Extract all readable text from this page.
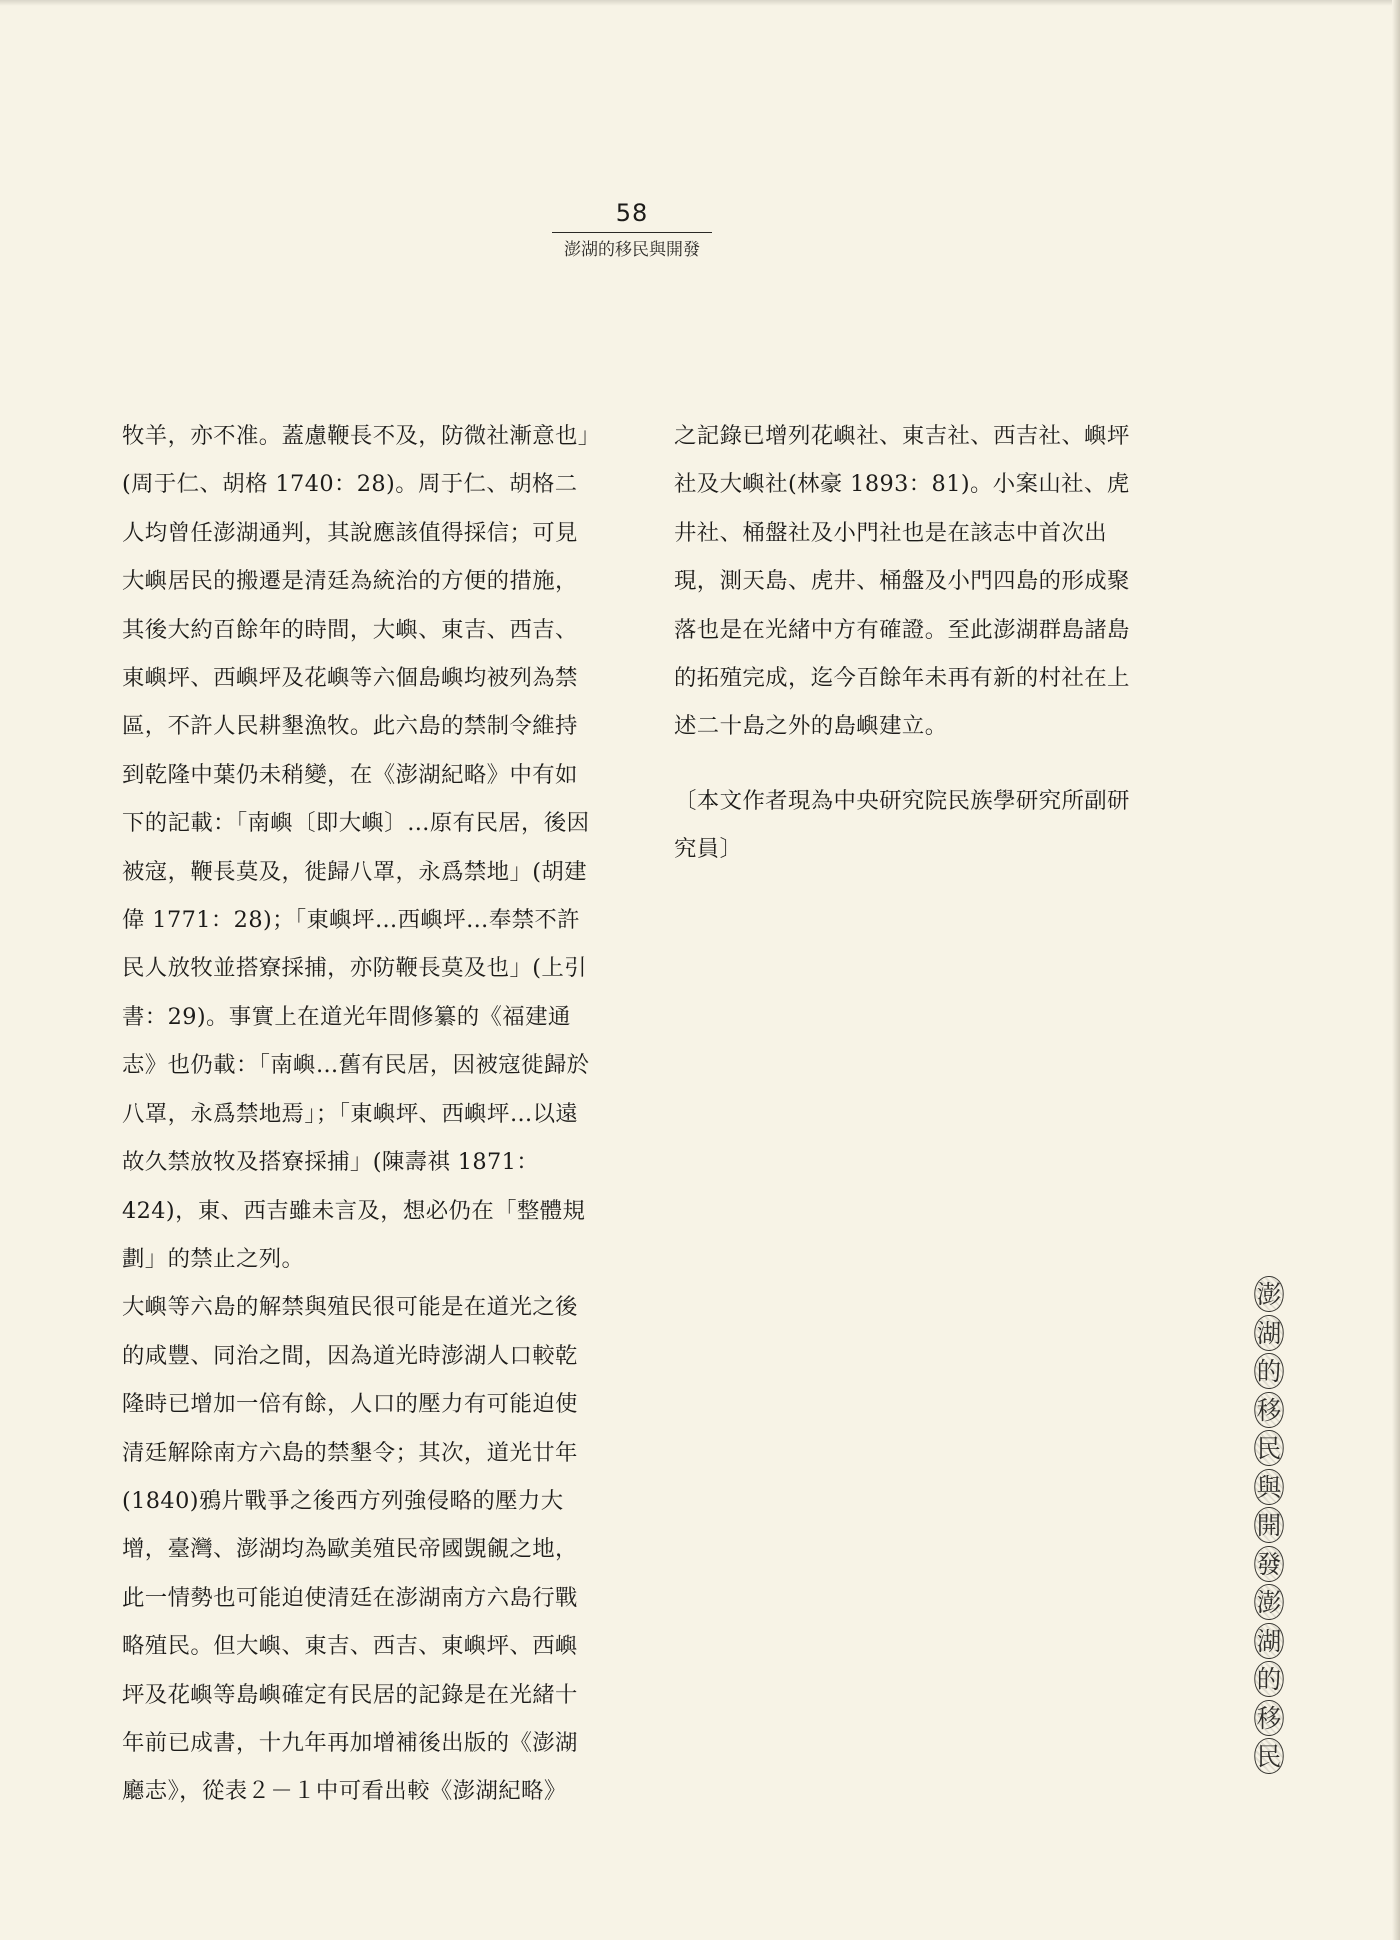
58
澎湖的移民與開發

牧羊，亦不准。蓋慮鞭長不及，防微社漸意也」(周于仁、胡格 1740：28)。周于仁、胡格二人均曾任澎湖通判，其說應該值得採信；可見大嶼居民的搬遷是清廷為統治的方便的措施，其後大約百餘年的時間，大嶼、東吉、西吉、東嶼坪、西嶼坪及花嶼等六個島嶼均被列為禁區，不許人民耕墾漁牧。此六島的禁制令維持到乾隆中葉仍未稍變，在《澎湖紀略》中有如下的記載：「南嶼〔即大嶼〕…原有民居，後因被寇，鞭長莫及，徙歸八罩，永爲禁地」(胡建偉 1771：28)；「東嶼坪…西嶼坪…奉禁不許民人放牧並搭寮採捕，亦防鞭長莫及也」(上引書：29)。事實上在道光年間修纂的《福建通志》也仍載：「南嶼…舊有民居，因被寇徙歸於八罩，永爲禁地焉」；「東嶼坪、西嶼坪…以遠故久禁放牧及搭寮採捕」(陳壽祺 1871：424)，東、西吉雖未言及，想必仍在「整體規劃」的禁止之列。

大嶼等六島的解禁與殖民很可能是在道光之後的咸豐、同治之間，因為道光時澎湖人口較乾隆時已增加一倍有餘，人口的壓力有可能迫使清廷解除南方六島的禁墾令；其次，道光廿年(1840)鴉片戰爭之後西方列強侵略的壓力大增，臺灣、澎湖均為歐美殖民帝國覬覦之地，此一情勢也可能迫使清廷在澎湖南方六島行戰略殖民。但大嶼、東吉、西吉、東嶼坪、西嶼坪及花嶼等島嶼確定有民居的記錄是在光緒十年前已成書，十九年再加增補後出版的《澎湖廳志》，從表２－１中可看出較《澎湖紀略》

之記錄已增列花嶼社、東吉社、西吉社、嶼坪社及大嶼社(林豪 1893：81)。小案山社、虎井社、桶盤社及小門社也是在該志中首次出現，測天島、虎井、桶盤及小門四島的形成聚落也是在光緒中方有確證。至此澎湖群島諸島的拓殖完成，迄今百餘年未再有新的村社在上述二十島之外的島嶼建立。

〔本文作者現為中央研究院民族學研究所副研究員〕

澎
湖
的
移
民
與
開
發
澎
湖
的
移
民
